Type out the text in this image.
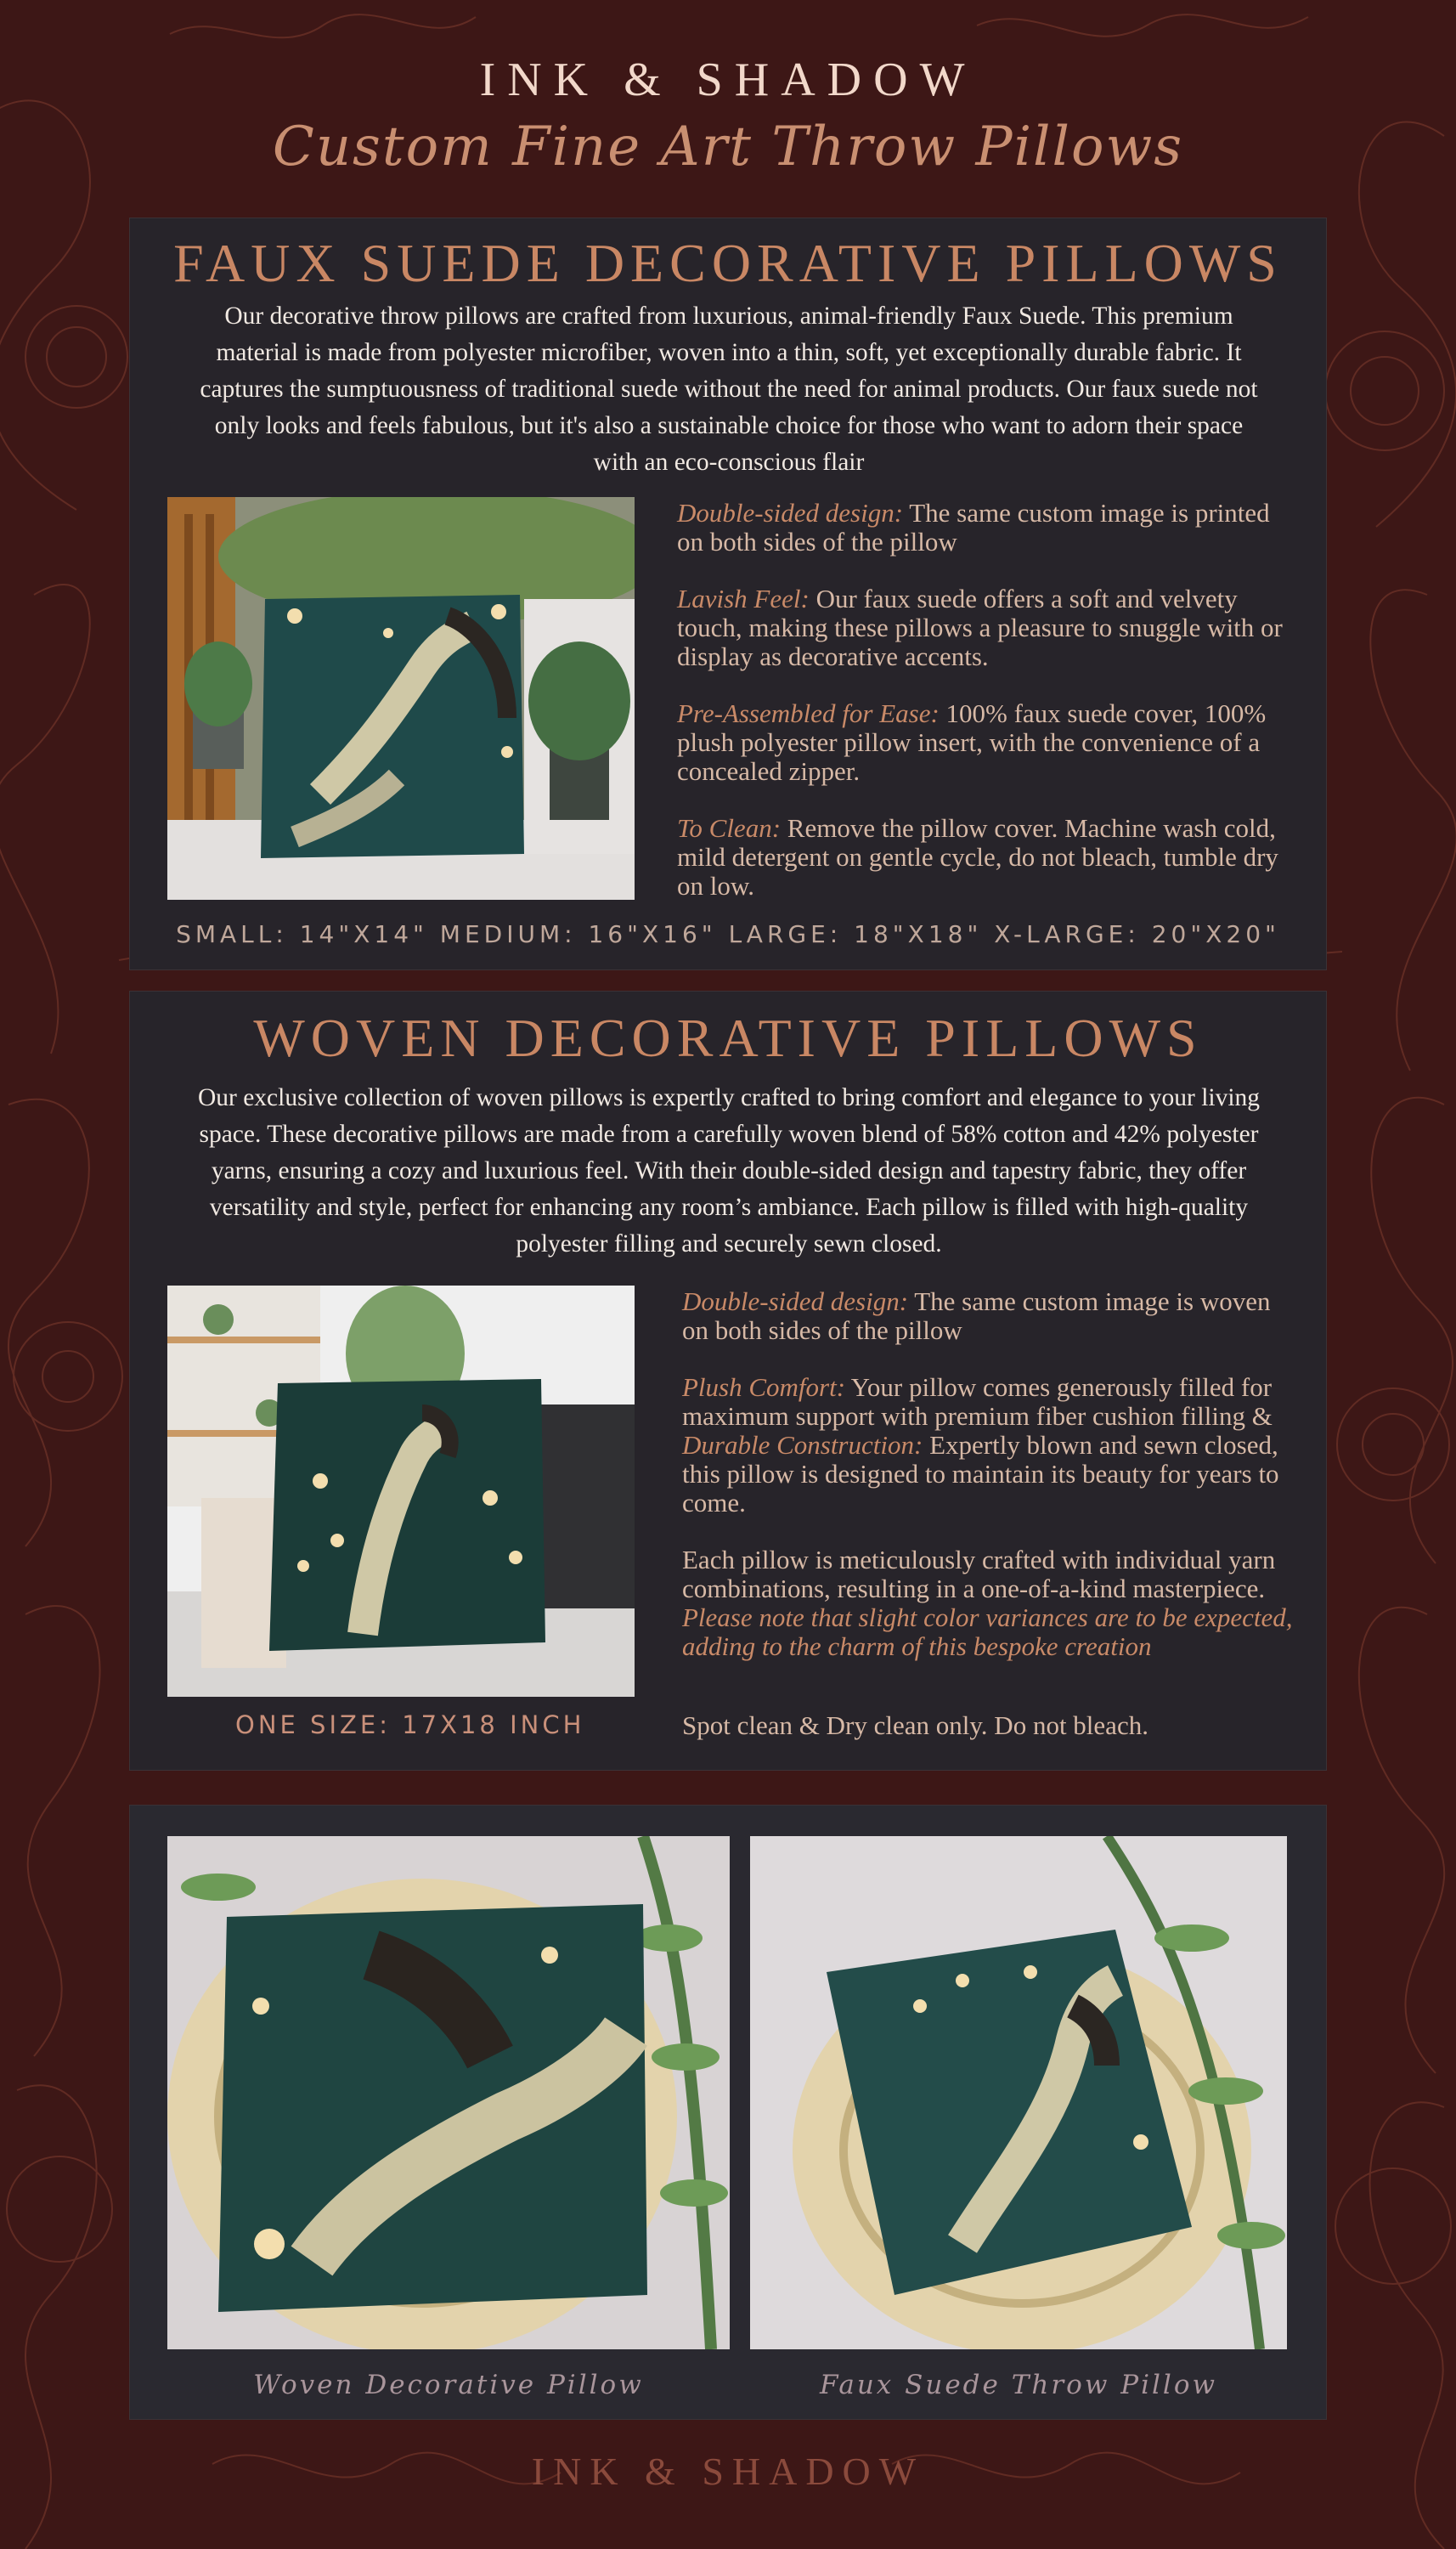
INK & SHADOW
Custom Fine Art Throw Pillows
FAUX SUEDE DECORATIVE PILLOWS

Our decorative throw pillows are crafted from luxurious, animal-friendly Faux Suede. This premium material is made from polyester microfiber, woven into a thin, soft, yet exceptionally durable fabric. It captures the sumptuousness of traditional suede without the need for animal products. Our faux suede not only looks and feels fabulous, but it's also a sustainable choice for those who want to adorn their space with an eco-conscious flair

Double-sided design: The same custom image is printed on both sides of the pillow

Lavish Feel: Our faux suede offers a soft and velvety touch, making these pillows a pleasure to snuggle with or display as decorative accents.

Pre-Assembled for Ease: 100% faux suede cover, 100% plush polyester pillow insert, with the convenience of a concealed zipper.

To Clean: Remove the pillow cover. Machine wash cold, mild detergent on gentle cycle, do not bleach, tumble dry on low.

SMALL: 14"X14" MEDIUM: 16"X16" LARGE: 18"X18" X-LARGE: 20"X20"
WOVEN DECORATIVE PILLOWS

Our exclusive collection of woven pillows is expertly crafted to bring comfort and elegance to your living space. These decorative pillows are made from a carefully woven blend of 58% cotton and 42% polyester yarns, ensuring a cozy and luxurious feel. With their double-sided design and tapestry fabric, they offer versatility and style, perfect for enhancing any room’s ambiance. Each pillow is filled with high-quality polyester filling and securely sewn closed.

Double-sided design: The same custom image is woven on both sides of the pillow

Plush Comfort: Your pillow comes generously filled for maximum support with premium fiber cushion filling & Durable Construction: Expertly blown and sewn closed, this pillow is designed to maintain its beauty for years to come.

Each pillow is meticulously crafted with individual yarn combinations, resulting in a one-of-a-kind masterpiece. Please note that slight color variances are to be expected, adding to the charm of this bespoke creation

ONE SIZE: 17X18 INCH	Spot clean & Dry clean only. Do not bleach.
Woven Decorative Pillow	Faux Suede Throw Pillow
INK & SHADOW
